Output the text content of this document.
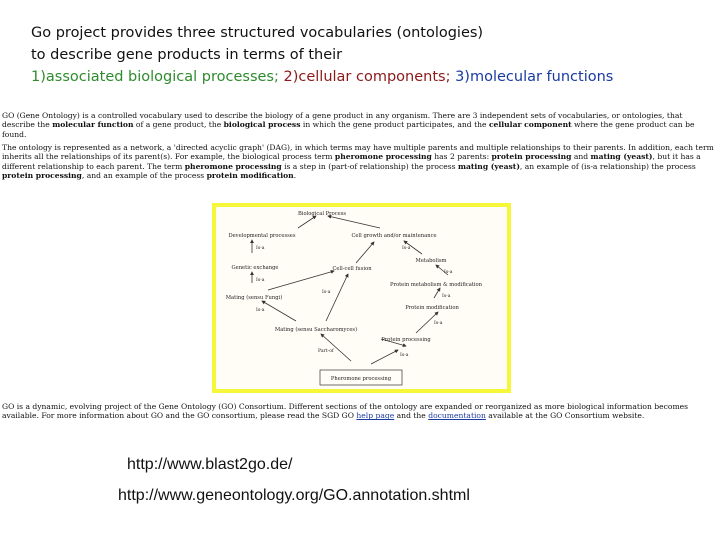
Go project provides three structured vocabularies (ontologies)
to describe gene products in terms of their
1)associated biological processes; 2)cellular components; 3)molecular functions
GO (Gene Ontology) is a controlled vocabulary used to describe the biology of a gene product in any organism. There are 3 independent sets of vocabularies, or ontologies, that describe the molecular function of a gene product, the biological process in which the gene product participates, and the cellular component where the gene product can be found.
The ontology is represented as a network, a 'directed acyclic graph' (DAG), in which terms may have multiple parents and multiple relationships to their parents. In addition, each term inherits all the relationships of its parent(s). For example, the biological process term pheromone processing has 2 parents: protein processing and mating (yeast), but it has a different relationship to each parent. The term pheromone processing is a step in (part-of relationship) the process mating (yeast), an example of (is-a relationship) the process protein processing, and an example of the process protein modification.
Biological Process
Developmental processes	Cell growth and/or maintenance
Metabolism
Genetic exchange	Cell-cell fusion
Protein metabolism & modification
Mating (sensu Fungi)
Protein modification
Mating (sensu Saccharomyces)
Protein processing
Pheromone processing
Is-a	Is-a
Is-a
Is-a
Is-a
Is-a
Is-a
Is-a
Part-of
Is-a
GO is a dynamic, evolving project of the Gene Ontology (GO) Consortium. Different sections of the ontology are expanded or reorganized as more biological information becomes available. For more information about GO and the GO consortium, please read the SGD GO help page and the documentation available at the GO Consortium website.
http://www.blast2go.de/
http://www.geneontology.org/GO.annotation.shtml
